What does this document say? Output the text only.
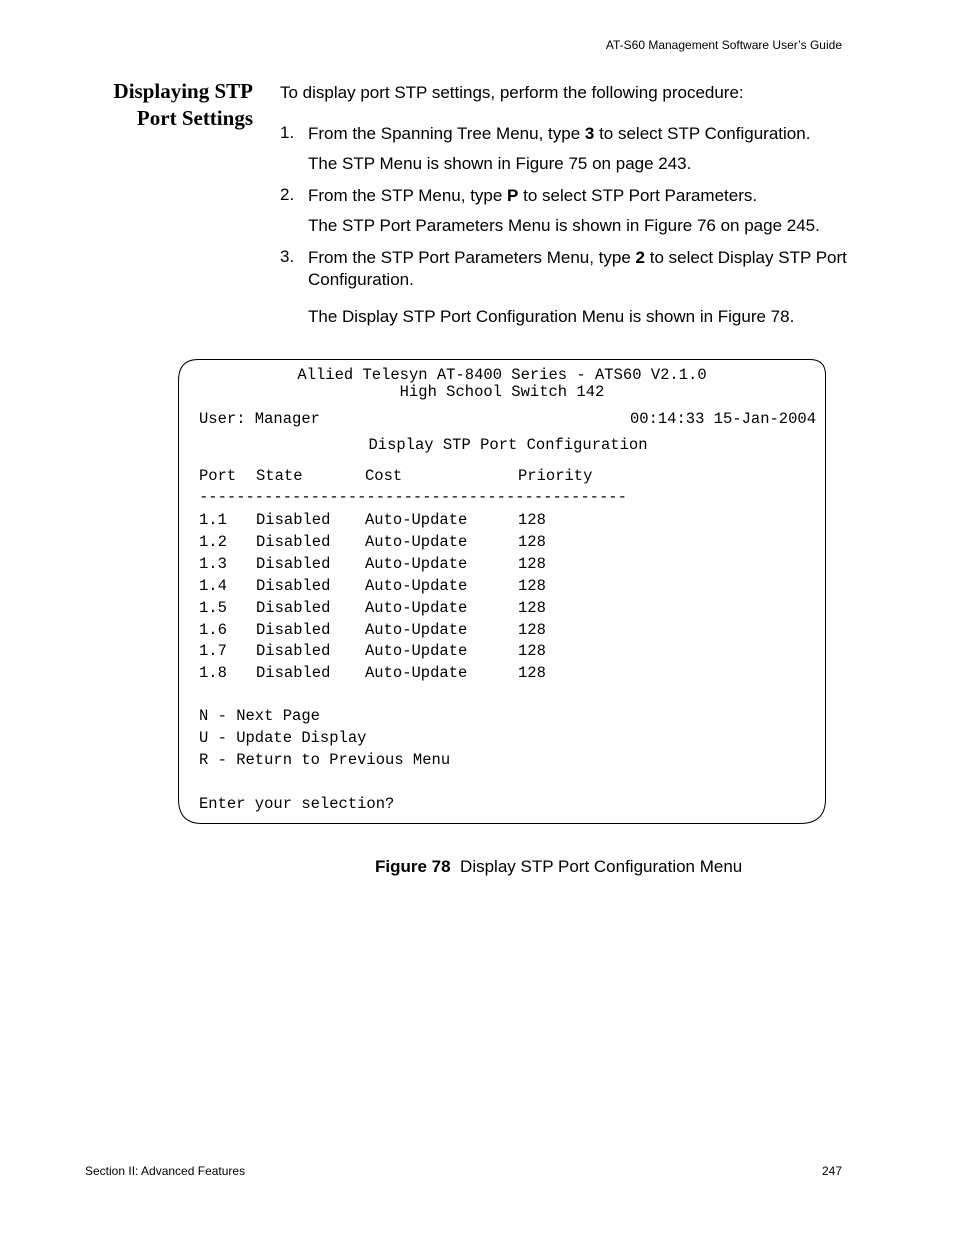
AT-S60 Management Software User’s Guide
Displaying STP
Port Settings
To display port STP settings, perform the following procedure:
1. From the Spanning Tree Menu, type 3 to select STP Configuration.
The STP Menu is shown in Figure 75 on page 243.
2. From the STP Menu, type P to select STP Port Parameters.
The STP Port Parameters Menu is shown in Figure 76 on page 245.
3. From the STP Port Parameters Menu, type 2 to select Display STP Port Configuration.
The Display STP Port Configuration Menu is shown in Figure 78.
Allied Telesyn AT-8400 Series - ATS60 V2.1.0
High School Switch 142
User: Manager	00:14:33 15-Jan-2004
Display STP Port Configuration
Port State	Cost	Priority
----------------------------------------------
1.1 Disabled Auto-Update	128
1.2 Disabled Auto-Update	128
1.3 Disabled Auto-Update	128
1.4 Disabled Auto-Update	128
1.5 Disabled Auto-Update	128
1.6 Disabled Auto-Update	128
1.7 Disabled Auto-Update	128
1.8 Disabled Auto-Update	128
N - Next Page
U - Update Display
R - Return to Previous Menu
Enter your selection?
Figure 78 Display STP Port Configuration Menu
Section II: Advanced Features	247
